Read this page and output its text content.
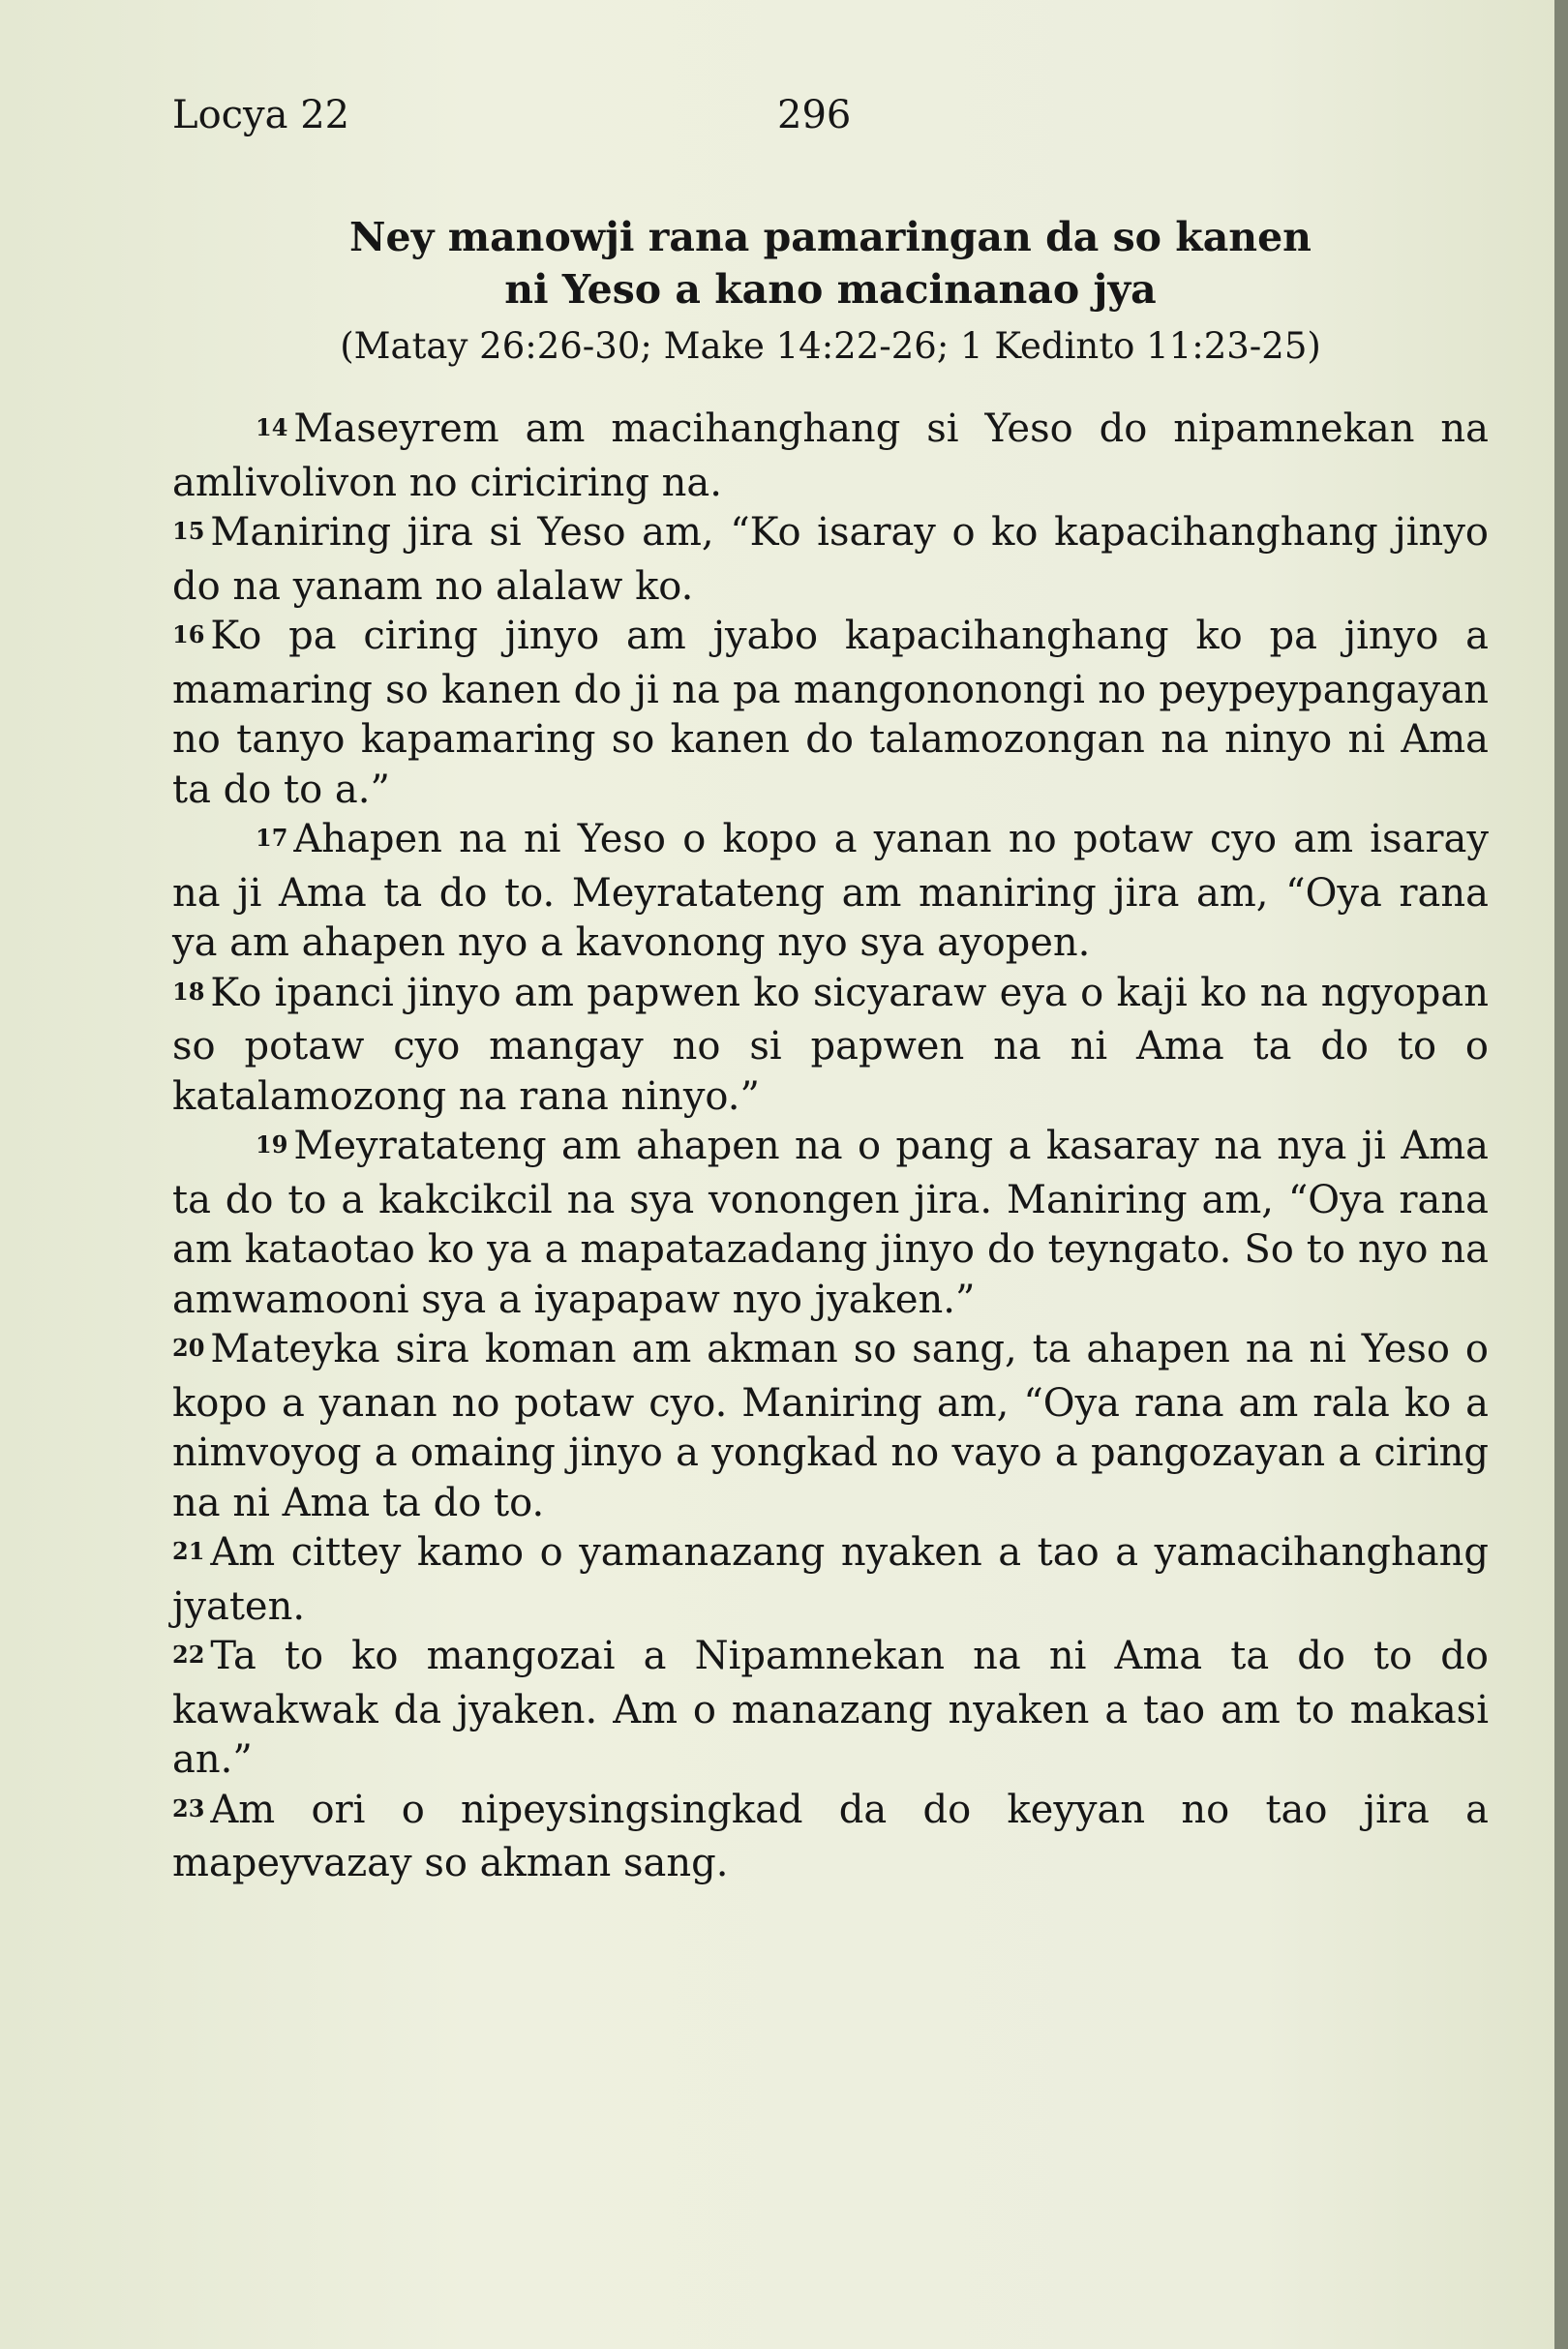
Locya 22	296
Ney manowji rana pamaringan da so kanen
ni Yeso a kano macinanao jya
(Matay 26:26-30; Make 14:22-26; 1 Kedinto 11:23-25)

14 Maseyrem am macihanghang si Yeso do nipamnekan na amlivolivon no ciriciring na.

15 Maniring jira si Yeso am, “Ko isaray o ko kapacihanghang jinyo do na yanam no alalaw ko.

16 Ko pa ciring jinyo am jyabo kapacihanghang ko pa jinyo a mamaring so kanen do ji na pa mangononongi no peypeypangayan no tanyo kapamaring so kanen do talamozongan na ninyo ni Ama ta do to a.”

17 Ahapen na ni Yeso o kopo a yanan no potaw cyo am isaray na ji Ama ta do to. Meyratateng am maniring jira am, “Oya rana ya am ahapen nyo a kavonong nyo sya ayopen.

18 Ko ipanci jinyo am papwen ko sicyaraw eya o kaji ko na ngyopan so potaw cyo mangay no si papwen na ni Ama ta do to o katalamozong na rana ninyo.”

19 Meyratateng am ahapen na o pang a kasaray na nya ji Ama ta do to a kakcikcil na sya vonongen jira. Maniring am, “Oya rana am kataotao ko ya a mapatazadang jinyo do teyngato. So to nyo na amwamooni sya a iyapapaw nyo jyaken.”

20 Mateyka sira koman am akman so sang, ta ahapen na ni Yeso o kopo a yanan no potaw cyo. Maniring am, “Oya rana am rala ko a nimvoyog a omaing jinyo a yongkad no vayo a pangozayan a ciring na ni Ama ta do to.

21 Am cittey kamo o yamanazang nyaken a tao a yamacihanghang jyaten.

22 Ta to ko mangozai a Nipamnekan na ni Ama ta do to do kawakwak da jyaken. Am o manazang nyaken a tao am to makasi an.”

23 Am ori o nipeysingsingkad da do keyyan no tao jira a mapeyvazay so akman sang.
